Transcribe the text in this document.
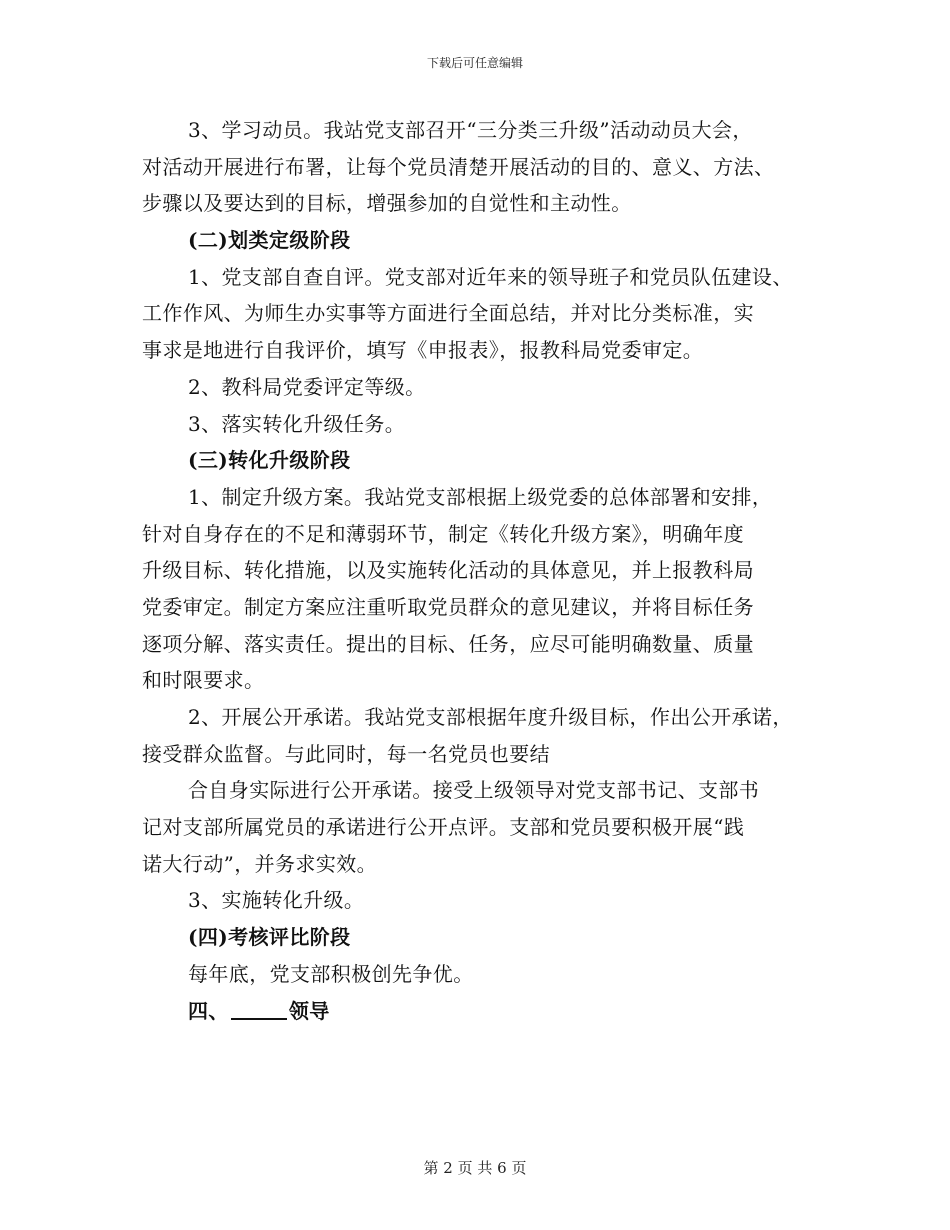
下载后可任意编辑
3、学习动员。我站党支部召开“三分类三升级”活动动员大会，
对活动开展进行布署，让每个党员清楚开展活动的目的、意义、方法、
步骤以及要达到的目标，增强参加的自觉性和主动性。
(二)划类定级阶段
1、党支部自查自评。党支部对近年来的领导班子和党员队伍建设、
工作作风、为师生办实事等方面进行全面总结，并对比分类标准，实
事求是地进行自我评价，填写《申报表》，报教科局党委审定。
2、教科局党委评定等级。
3、落实转化升级任务。
(三)转化升级阶段
1、制定升级方案。我站党支部根据上级党委的总体部署和安排，
针对自身存在的不足和薄弱环节，制定《转化升级方案》，明确年度
升级目标、转化措施，以及实施转化活动的具体意见，并上报教科局
党委审定。制定方案应注重听取党员群众的意见建议，并将目标任务
逐项分解、落实责任。提出的目标、任务，应尽可能明确数量、质量
和时限要求。
2、开展公开承诺。我站党支部根据年度升级目标，作出公开承诺，
接受群众监督。与此同时，每一名党员也要结
合自身实际进行公开承诺。接受上级领导对党支部书记、支部书
记对支部所属党员的承诺进行公开点评。支部和党员要积极开展“践
诺大行动”，并务求实效。
3、实施转化升级。
(四)考核评比阶段
每年底，党支部积极创先争优。
四、	领导
第 2 页 共 6 页
